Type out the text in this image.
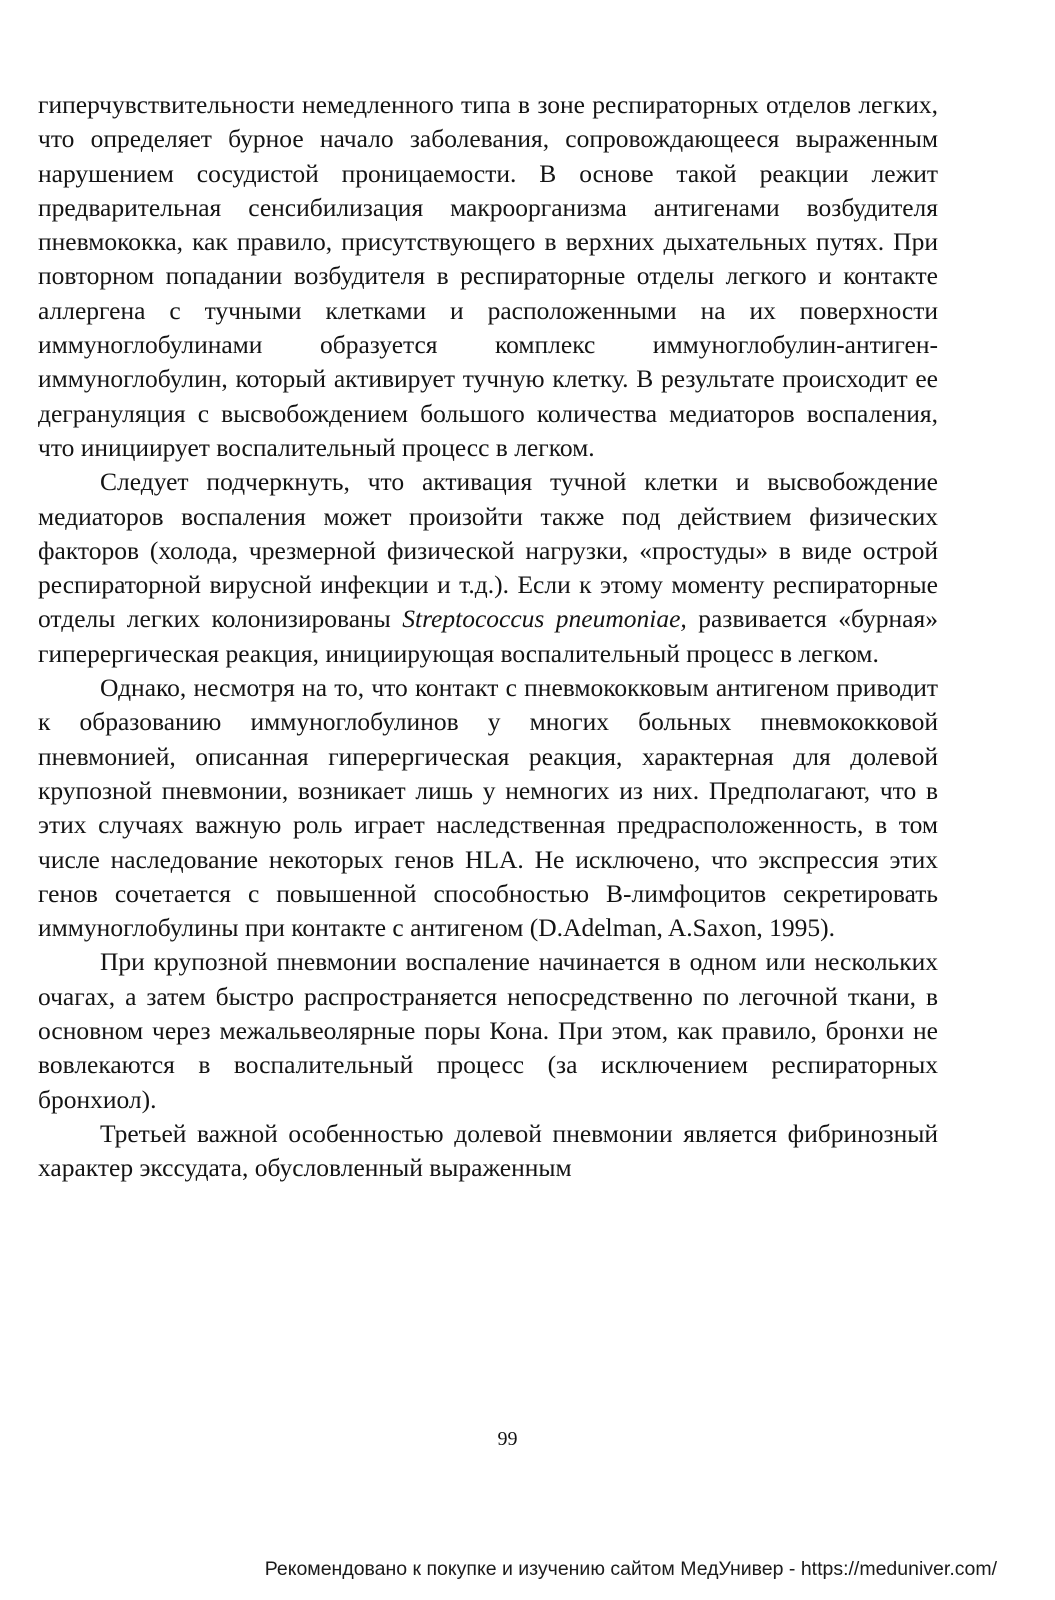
гиперчувствительности немедленного типа в зоне респираторных отделов легких, что определяет бурное начало заболевания, сопровождающееся выраженным нарушением сосудистой проницаемости. В основе такой реакции лежит предварительная сенсибилизация макроорганизма антигенами возбудителя пневмококка, как правило, присутствующего в верхних дыхательных путях. При повторном попадании возбудителя в респираторные отделы легкого и контакте аллергена с тучными клетками и расположенными на их поверхности иммуноглобулинами образуется комплекс иммуноглобулин-антиген-иммуноглобулин, который активирует тучную клетку. В результате происходит ее дегрануляция с высвобождением большого количества медиаторов воспаления, что инициирует воспалительный процесс в легком.

Следует подчеркнуть, что активация тучной клетки и высвобождение медиаторов воспаления может произойти также под действием физических факторов (холода, чрезмерной физической нагрузки, «простуды» в виде острой респираторной вирусной инфекции и т.д.). Если к этому моменту респираторные отделы легких колонизированы Streptococcus pneumoniae, развивается «бурная» гиперергическая реакция, инициирующая воспалительный процесс в легком.

Однако, несмотря на то, что контакт с пневмококковым антигеном приводит к образованию иммуноглобулинов у многих больных пневмококковой пневмонией, описанная гиперергическая реакция, характерная для долевой крупозной пневмонии, возникает лишь у немногих из них. Предполагают, что в этих случаях важную роль играет наследственная предрасположенность, в том числе наследование некоторых генов HLA. Не исключено, что экспрессия этих генов сочетается с повышенной способностью В-лимфоцитов секретировать иммуноглобулины при контакте с антигеном (D.Adelman, A.Saxon, 1995).

При крупозной пневмонии воспаление начинается в одном или нескольких очагах, а затем быстро распространяется непосредственно по легочной ткани, в основном через межальвеолярные поры Кона. При этом, как правило, бронхи не вовлекаются в воспалительный процесс (за исключением респираторных бронхиол).

Третьей важной особенностью долевой пневмонии является фибринозный характер экссудата, обусловленный выраженным

99
Рекомендовано к покупке и изучению сайтом МедУнивер - https://meduniver.com/
